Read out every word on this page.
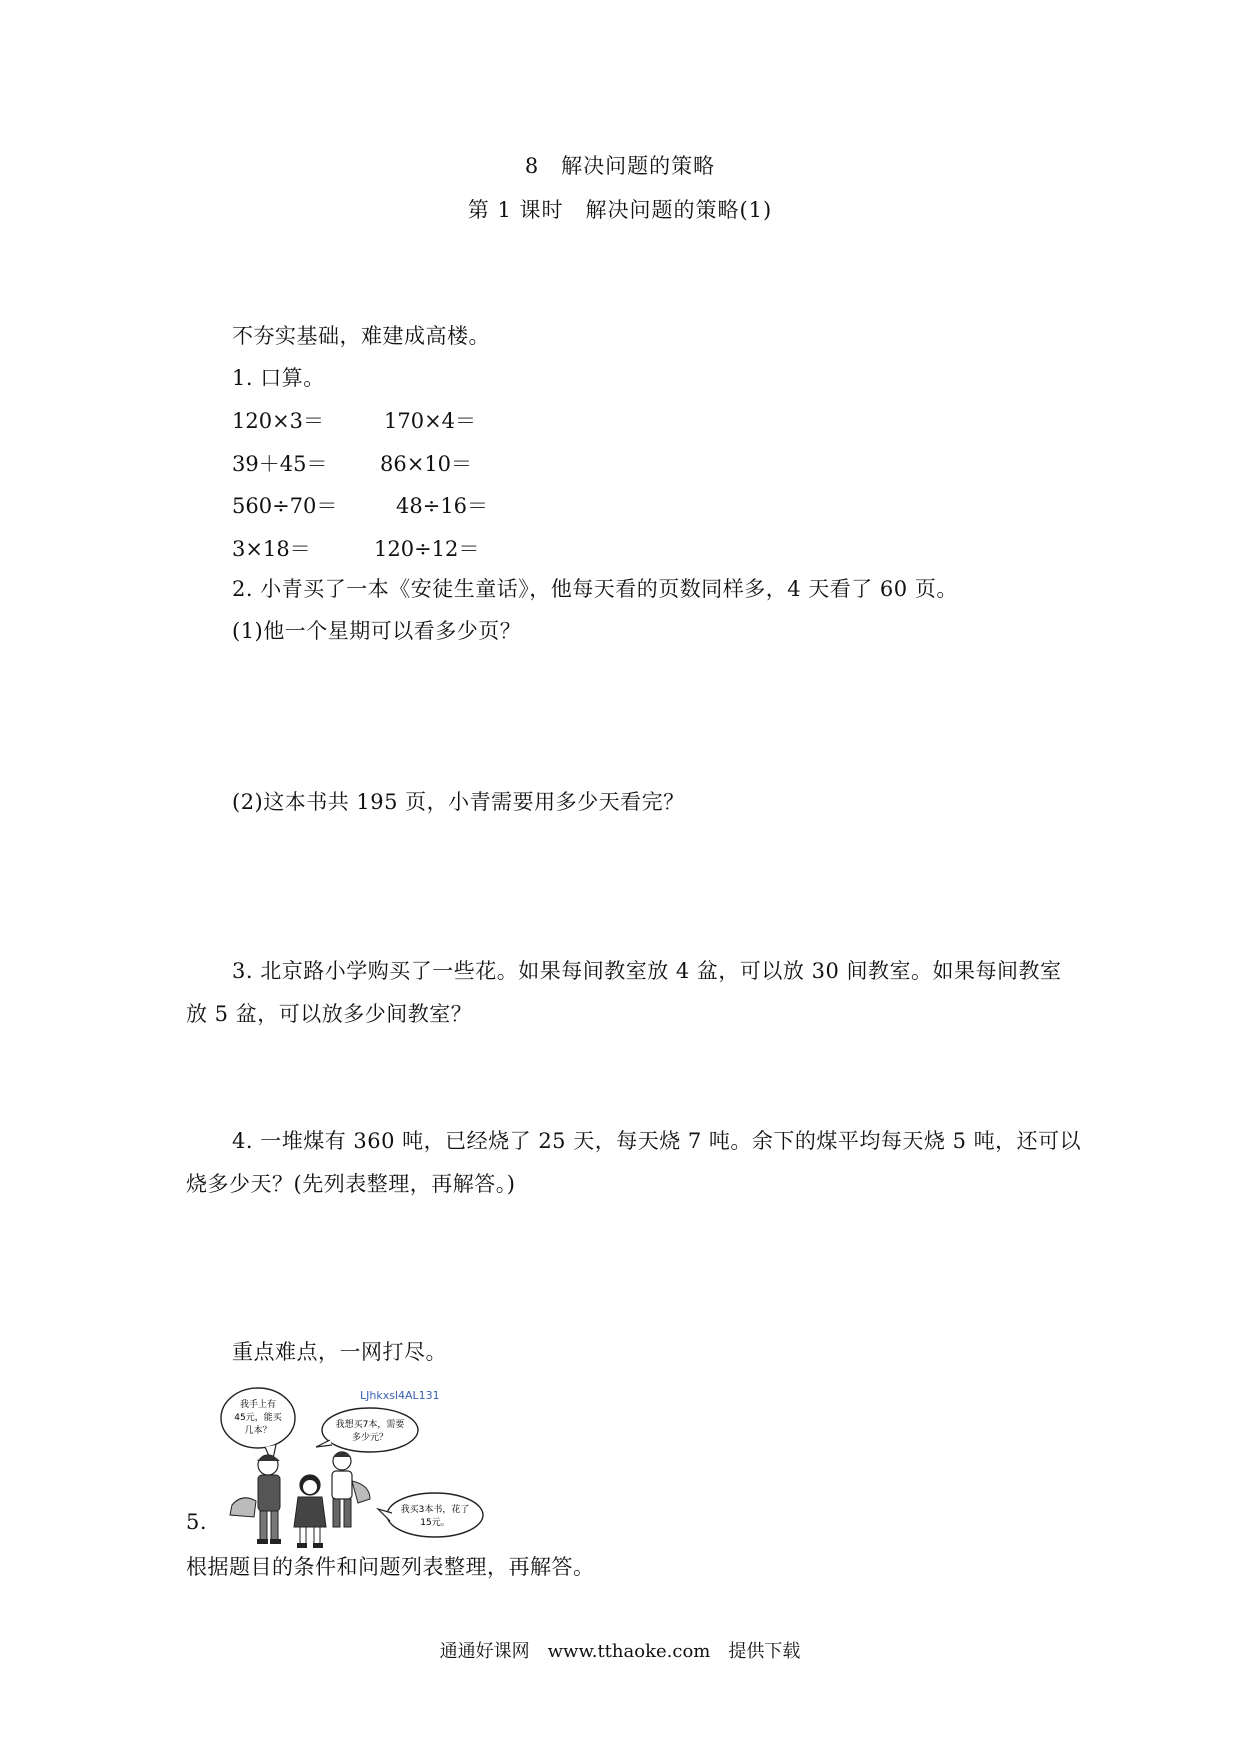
8　解决问题的策略
第 1 课时　解决问题的策略(1)
不夯实基础，难建成高楼。
1. 口算。
120×3＝	170×4＝
39＋45＝	86×10＝
560÷70＝	48÷16＝
3×18＝	120÷12＝
2. 小青买了一本《安徒生童话》，他每天看的页数同样多，4 天看了 60 页。
(1)他一个星期可以看多少页？
(2)这本书共 195 页，小青需要用多少天看完？
3. 北京路小学购买了一些花。如果每间教室放 4 盆，可以放 30 间教室。如果每间教室
放 5 盆，可以放多少间教室？
4. 一堆煤有 360 吨，已经烧了 25 天，每天烧 7 吨。余下的煤平均每天烧 5 吨，还可以
烧多少天？(先列表整理，再解答。)
重点难点，一网打尽。
LJhkxsl4AL131
我手上有
45元，能买
几本？
我想买7本，需要
多少元？
我买3本书，花了
15元。
5.
根据题目的条件和问题列表整理，再解答。
通通好课网　www.tthaoke.com　提供下载
